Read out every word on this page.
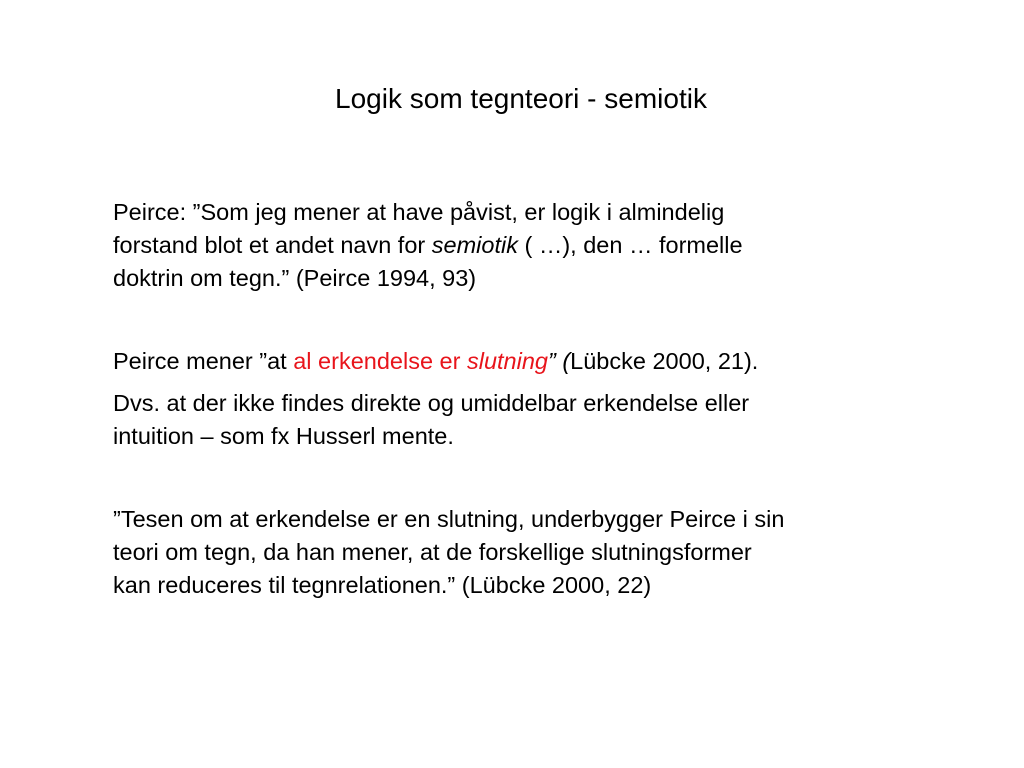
Logik som tegnteori - semiotik

Peirce: ”Som jeg mener at have påvist, er logik i almindelig
forstand blot et andet navn for semiotik ( …), den … formelle
doktrin om tegn.” (Peirce 1994, 93)

Peirce mener ”at al erkendelse er slutning” (Lübcke 2000, 21).

Dvs. at der ikke findes direkte og umiddelbar erkendelse eller
intuition – som fx Husserl mente.

”Tesen om at erkendelse er en slutning, underbygger Peirce i sin
teori om tegn, da han mener, at de forskellige slutningsformer
kan reduceres til tegnrelationen.” (Lübcke 2000, 22)
